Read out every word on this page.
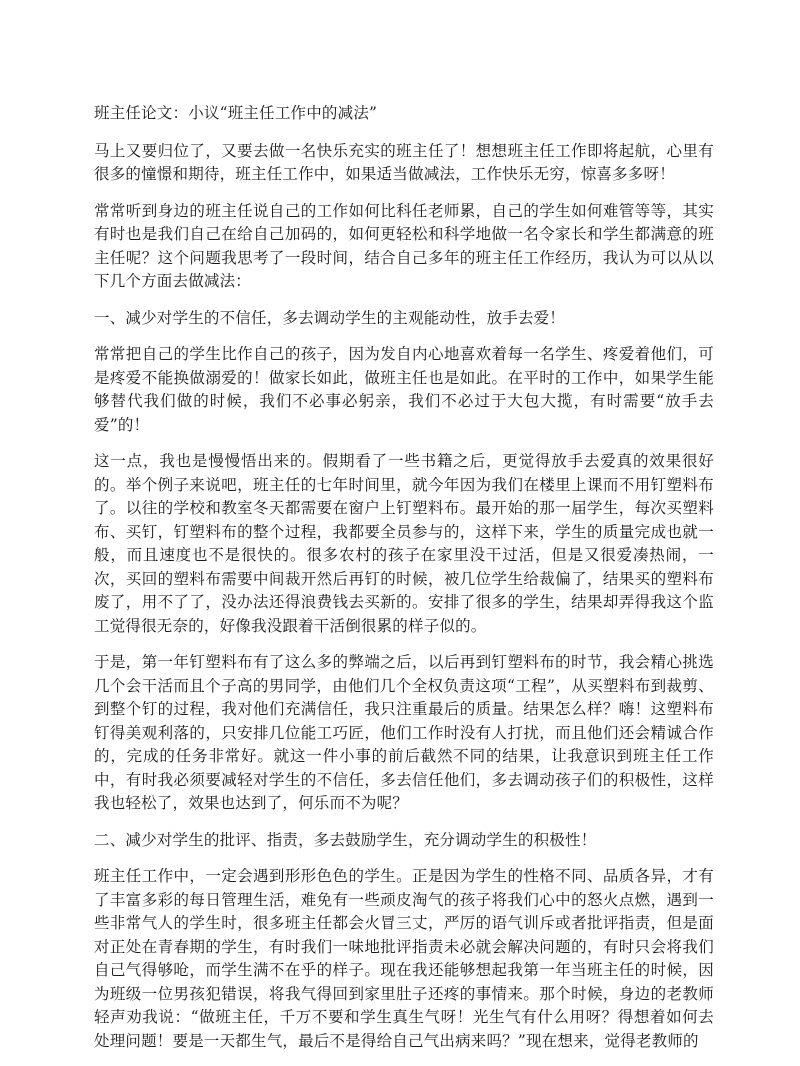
班主任论文：小议“班主任工作中的减法”

马上又要归位了，又要去做一名快乐充实的班主任了！想想班主任工作即将起航，心里有很多的憧憬和期待，班主任工作中，如果适当做减法，工作快乐无穷，惊喜多多呀！

常常听到身边的班主任说自己的工作如何比科任老师累，自己的学生如何难管等等，其实有时也是我们自己在给自己加码的，如何更轻松和科学地做一名令家长和学生都满意的班主任呢？这个问题我思考了一段时间，结合自己多年的班主任工作经历，我认为可以从以下几个方面去做减法：

一、减少对学生的不信任，多去调动学生的主观能动性，放手去爱！

常常把自己的学生比作自己的孩子，因为发自内心地喜欢着每一名学生、疼爱着他们，可是疼爱不能换做溺爱的！做家长如此，做班主任也是如此。在平时的工作中，如果学生能够替代我们做的时候，我们不必事必躬亲，我们不必过于大包大揽，有时需要“放手去爱”的！

这一点，我也是慢慢悟出来的。假期看了一些书籍之后，更觉得放手去爱真的效果很好的。举个例子来说吧，班主任的七年时间里，就今年因为我们在楼里上课而不用钉塑料布了。以往的学校和教室冬天都需要在窗户上钉塑料布。最开始的那一届学生，每次买塑料布、买钉，钉塑料布的整个过程，我都要全员参与的，这样下来，学生的质量完成也就一般，而且速度也不是很快的。很多农村的孩子在家里没干过活，但是又很爱凑热闹，一次，买回的塑料布需要中间裁开然后再钉的时候，被几位学生给裁偏了，结果买的塑料布废了，用不了了，没办法还得浪费钱去买新的。安排了很多的学生，结果却弄得我这个监工觉得很无奈的，好像我没跟着干活倒很累的样子似的。

于是，第一年钉塑料布有了这么多的弊端之后，以后再到钉塑料布的时节，我会精心挑选几个会干活而且个子高的男同学，由他们几个全权负责这项“工程”，从买塑料布到裁剪、到整个钉的过程，我对他们充满信任，我只注重最后的质量。结果怎么样？嗨！这塑料布钉得美观利落的，只安排几位能工巧匠，他们工作时没有人打扰，而且他们还会精诚合作的，完成的任务非常好。就这一件小事的前后截然不同的结果，让我意识到班主任工作中，有时我必须要减轻对学生的不信任，多去信任他们，多去调动孩子们的积极性，这样我也轻松了，效果也达到了，何乐而不为呢？

二、减少对学生的批评、指责，多去鼓励学生，充分调动学生的积极性！

班主任工作中，一定会遇到形形色色的学生。正是因为学生的性格不同、品质各异，才有了丰富多彩的每日管理生活，难免有一些顽皮淘气的孩子将我们心中的怒火点燃，遇到一些非常气人的学生时，很多班主任都会火冒三丈，严厉的语气训斥或者批评指责，但是面对正处在青春期的学生，有时我们一味地批评指责未必就会解决问题的，有时只会将我们自己气得够呛，而学生满不在乎的样子。现在我还能够想起我第一年当班主任的时候，因为班级一位男孩犯错误，将我气得回到家里肚子还疼的事情来。那个时候，身边的老教师轻声劝我说：“做班主任，千万不要和学生真生气呀！光生气有什么用呀？得想着如何去处理问题！要是一天都生气，最后不是得给自己气出病来吗？”现在想来，觉得老教师的
